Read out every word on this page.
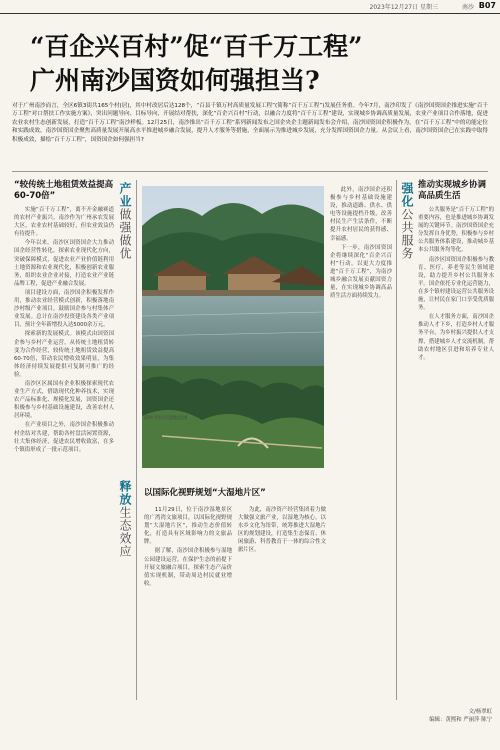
2023年12月27日 星期三	南沙 B07
“百企兴百村”促“百千万工程”
广州南沙国资如何强担当?
对于广州南沙而言，全区6镇3街共165个村(居)，其中村改居后达128个，“百县千镇万村高质量发展工程”(简称“百千万工程”)发展任务重。今年7月，南沙印发了《南沙国资国企推进实施“百千万工程”对口帮扶工作实施方案》，突出问题导向、目标导向，开展结对帮扶，深化“百企兴百村”行动，以融合力度将“百千万工程”建设，实现城乡协调高质量发展，农业产业项目合作落地，促进农业农村生态创新发展，打造“百千万工程”南沙样板。12月25日，南沙推出“百千万工程”系列新闻发布之国企央企主题新闻发布会介绍，南沙国资国企积极作为，在“百千万工程”中的功能定位和实践成效，南沙国资国企聚焦高质量发展开展高水平推进城乡融合发展，提升人才服务等措施，全面展示为推进城乡发展，充分发挥国资国企力量。从会议上看，南沙国资国企已在实践中取得积极成效，描绘“百千万工程”，国资国企如何强担当?
“较传统土地租赁效益提高60-70倍”	产业做强做优

实施“百千万工程”，离不开金融赛道的农村产业振兴。南沙作为广州承农发展大区，农业农村基础较好，但农业效益仍有待提升。

今年以来，南沙区国资国企大力推动国企经营性转化，探索农业现代化方向，突破保障模式，促进农业产业价值链利用土地资源和农业现代化，积极创新农业服务，组织农业企业对接，打造农业产业链品牌工程，促进产业融合发展。

项目建设方面，南沙国企积极发挥作用，推动农业经营模式创新，积极落地南沙村级产业项目，鼓励国企参与村集体产业发展。总计在南沙投资建设各类产业项目，预计全年新增投入达5000余万元。

探索新的发展模式。该模式由国资国企参与乡村产业运营，从传统土地租赁转变为合作经营，较传统土地租赁效益提高60-70倍，带动农民增收效果明显，为集体经济持续发展提供可复制可推广的经验。

南沙区区属国有企业积极探索现代农业生产方式，借助现代化种养技术，实现农产品标准化、规模化发展，国资国企还积极参与乡村基础设施建设，改善农村人居环境。

在产业项目之外，南沙国企积极推动村企结对共建，帮助各村盘活闲置资源，壮大集体经济，促进农民增收致富，在多个镇街形成了一批示范项目。

南沙天后宫湿地公园
释放生态效应
以国际化视野规划“大湿地片区”

11月29日，位于南沙湿地景区的广湾湾文旅项目，以国际化视野规划“大湿地片区”，推动生态价值转化，打造具有区域影响力的文旅品牌。

据了解，南沙国企积极参与湿地公园建设运营，在保护生态的前提下开展文旅融合项目，探索生态产品价值实现机制，带动周边村民就业增收。

为此，南沙资产经营集团着力做大做强文旅产业，以湿地为核心，以水乡文化为纽带，统筹推进大湿地片区的规划建设，打造集生态保育、休闲旅游、科普教育于一体的综合性文旅片区。

此外，南沙国企还积极参与乡村基础设施建设，推动道路、供水、供电等设施提档升级，改善村民生产生活条件，不断提升农村居民的获得感、幸福感。

下一步，南沙国资国企将继续深化“百企兴百村”行动，以更大力度推进“百千万工程”，为南沙城乡融合发展贡献国资力量，在实现城乡协调高品质生活方面持续发力。

强化公共服务
推动实现城乡协调高品质生活

公共服务是“百千万工程”的重要内容，也是推进城乡协调发展的关键环节。南沙国资国企充分发挥自身优势，积极参与乡村公共服务体系建设，推动城乡基本公共服务均等化。

南沙区国资国企积极参与教育、医疗、养老等民生领域建设，助力提升乡村公共服务水平。国企依托专业化运营能力，在多个镇村建设运营公共服务设施，让村民在家门口享受优质服务。

在人才服务方面，南沙国企推动人才下乡，打造乡村人才服务平台，为乡村振兴提供人才支撑，搭建城乡人才交流机制，帮助农村地区引进和培养专业人才。

文/杨翠虹
编辑：黄熙和 严丽萍 陈宁
